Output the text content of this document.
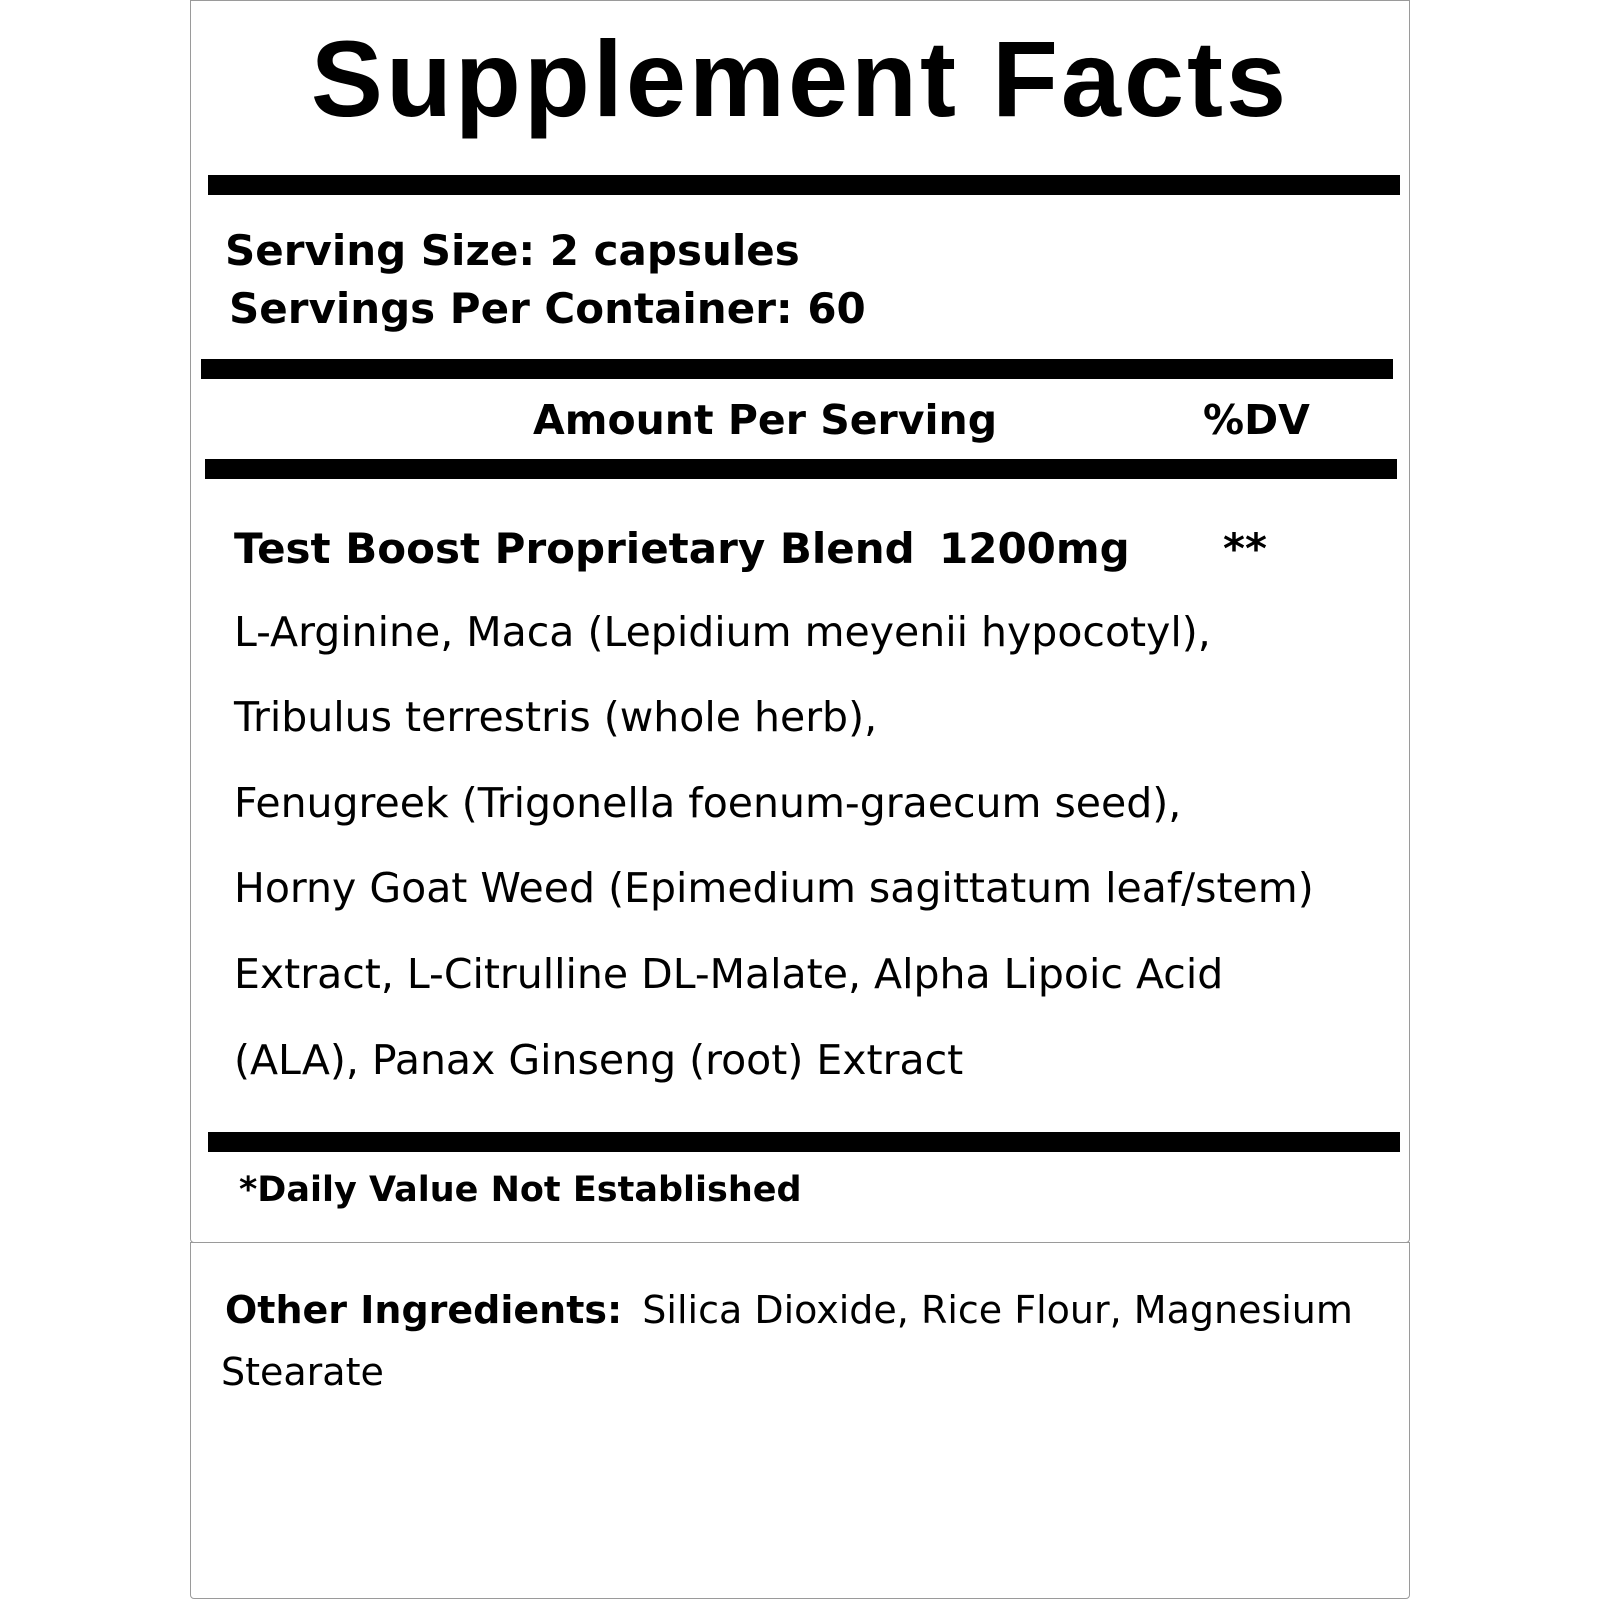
Supplement Facts
Serving Size: 2 capsules
Servings Per Container: 60
Amount Per Serving	%DV
Test Boost Proprietary Blend 1200mg **
L-Arginine, Maca (Lepidium meyenii hypocotyl),
Tribulus terrestris (whole herb),
Fenugreek (Trigonella foenum-graecum seed),
Horny Goat Weed (Epimedium sagittatum leaf/stem)
Extract, L-Citrulline DL-Malate, Alpha Lipoic Acid
(ALA), Panax Ginseng (root) Extract
*Daily Value Not Established
Other Ingredients: Silica Dioxide, Rice Flour, Magnesium
Stearate
